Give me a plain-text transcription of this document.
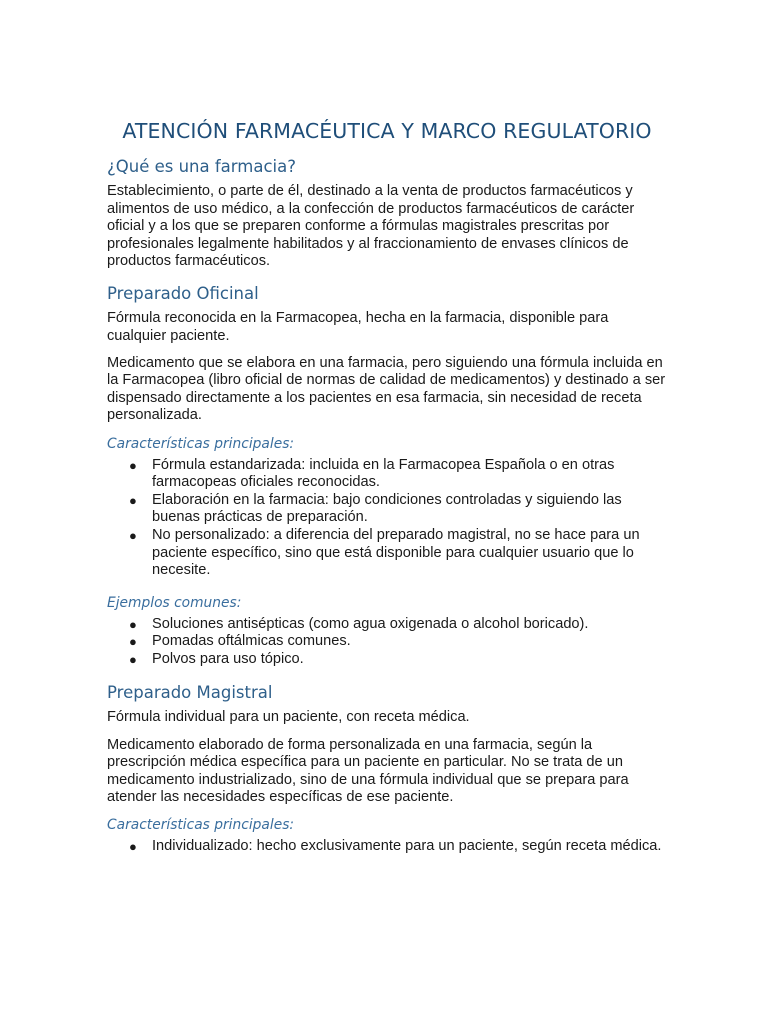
ATENCIÓN FARMACÉUTICA Y MARCO REGULATORIO
¿Qué es una farmacia?

Establecimiento, o parte de él, destinado a la venta de productos farmacéuticos y alimentos de uso médico, a la confección de productos farmacéuticos de carácter oficial y a los que se preparen conforme a fórmulas magistrales prescritas por profesionales legalmente habilitados y al fraccionamiento de envases clínicos de productos farmacéuticos.

Preparado Oficinal

Fórmula reconocida en la Farmacopea, hecha en la farmacia, disponible para cualquier paciente.

Medicamento que se elabora en una farmacia, pero siguiendo una fórmula incluida en la Farmacopea (libro oficial de normas de calidad de medicamentos) y destinado a ser dispensado directamente a los pacientes en esa farmacia, sin necesidad de receta personalizada.

Características principales:
● Fórmula estandarizada: incluida en la Farmacopea Española o en otras farmacopeas oficiales reconocidas.
● Elaboración en la farmacia: bajo condiciones controladas y siguiendo las buenas prácticas de preparación.
● No personalizado: a diferencia del preparado magistral, no se hace para un paciente específico, sino que está disponible para cualquier usuario que lo necesite.
Ejemplos comunes:
● Soluciones antisépticas (como agua oxigenada o alcohol boricado).
● Pomadas oftálmicas comunes.
● Polvos para uso tópico.
Preparado Magistral

Fórmula individual para un paciente, con receta médica.

Medicamento elaborado de forma personalizada en una farmacia, según la prescripción médica específica para un paciente en particular. No se trata de un medicamento industrializado, sino de una fórmula individual que se prepara para atender las necesidades específicas de ese paciente.

Características principales:
● Individualizado: hecho exclusivamente para un paciente, según receta médica.
